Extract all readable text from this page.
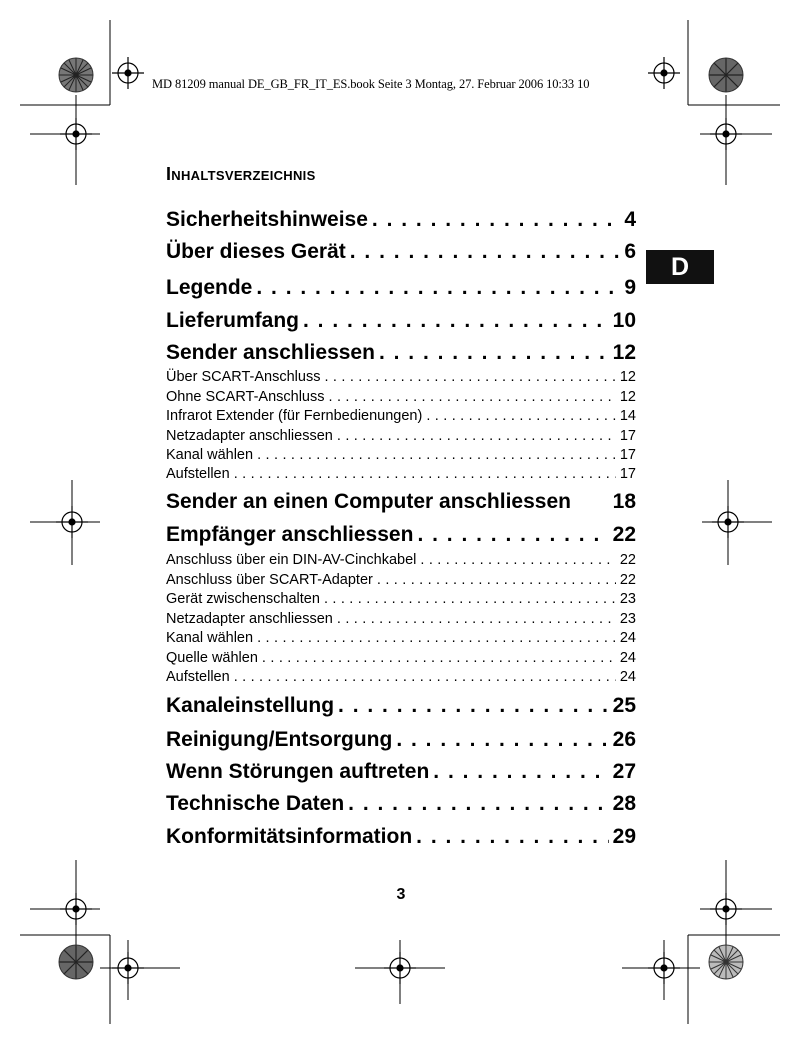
MD 81209 manual DE_GB_FR_IT_ES.book Seite 3 Montag, 27. Februar 2006 10:33 10
Inhaltsverzeichnis
D
Sicherheitshinweise . . .	4
Über dieses Gerät . . .	6
Legende . . .	9
Lieferumfang . . .	10
Sender anschliessen . . .	12
Über SCART-Anschluss . . .	12
Ohne SCART-Anschluss . . .	12
Infrarot Extender (für Fernbedienungen) . . .	14
Netzadapter anschliessen . . .	17
Kanal wählen . . .	17
Aufstellen . . .	17
Sender an einen Computer anschliessen 18
Empfänger anschliessen . . .	22
Anschluss über ein DIN-AV-Cinchkabel . . .	22
Anschluss über SCART-Adapter . . .	22
Gerät zwischenschalten . . .	23
Netzadapter anschliessen . . .	23
Kanal wählen . . .	24
Quelle wählen . . .	24
Aufstellen . . .	24
Kanaleinstellung . . .	25
Reinigung/Entsorgung . . .	26
Wenn Störungen auftreten . . .	27
Technische Daten . . .	28
Konformitätsinformation . . .	29
3
